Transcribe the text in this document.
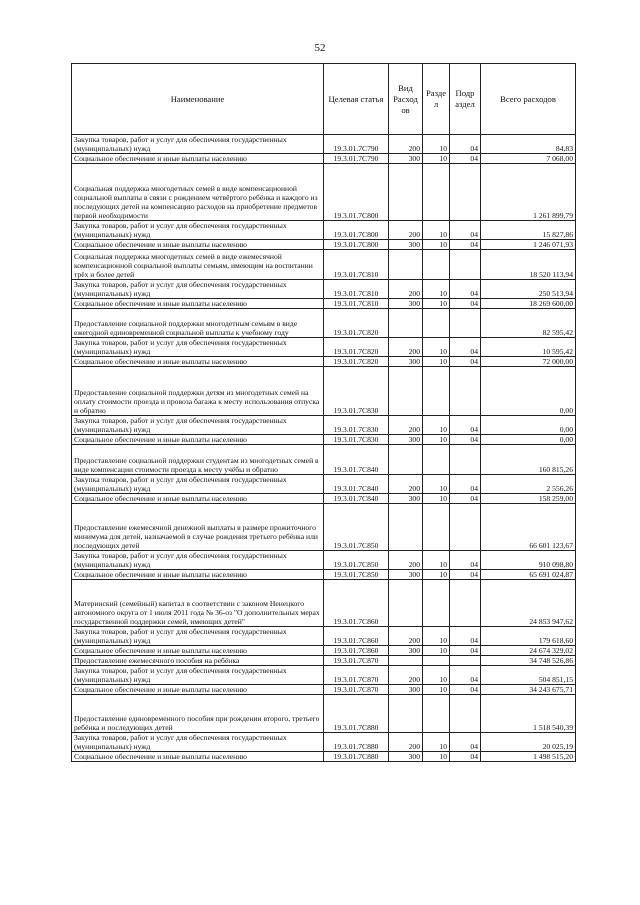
52
Наименование	Целевая статья	Вид Расход ов	Разде л	Подр аздел	Всего расходов
Закупка товаров, работ и услуг для обеспечения государственных (муниципальных) нужд	19.3.01.7С790	200	10	04	84,83
Социальное обеспечение и иные выплаты населению	19.3.01.7С790	300	10	04	7 068,00
Социальная поддержка многодетных семей в виде компенсационной социальной выплаты в связи с рождением четвёртого ребёнка и каждого из последующих детей на компенсацию расходов на приобретение предметов первой необходимости	19.3.01.7С800				1 261 899,79
Закупка товаров, работ и услуг для обеспечения государственных (муниципальных) нужд	19.3.01.7С800	200	10	04	15 827,86
Социальное обеспечение и иные выплаты населению	19.3.01.7С800	300	10	04	1 246 071,93
Социальная поддержка многодетных семей в виде ежемесячной компенсационной социальной выплаты семьям, имеющим на воспитании трёх и более детей	19.3.01.7С810				18 520 113,94
Закупка товаров, работ и услуг для обеспечения государственных (муниципальных) нужд	19.3.01.7С810	200	10	04	250 513,94
Социальное обеспечение и иные выплаты населению	19.3.01.7С810	300	10	04	18 269 600,00
Предоставление социальной поддержки многодетным семьям в виде ежегодной единовременной социальной выплаты к учебному году	19.3.01.7С820				82 595,42
Закупка товаров, работ и услуг для обеспечения государственных (муниципальных) нужд	19.3.01.7С820	200	10	04	10 595,42
Социальное обеспечение и иные выплаты населению	19.3.01.7С820	300	10	04	72 000,00
Предоставление социальной поддержки детям из многодетных семей на оплату стоимости проезда и провоза багажа к месту использования отпуска и обратно	19.3.01.7С830				0,00
Закупка товаров, работ и услуг для обеспечения государственных (муниципальных) нужд	19.3.01.7С830	200	10	04	0,00
Социальное обеспечение и иные выплаты населению	19.3.01.7С830	300	10	04	0,00
Предоставление социальной поддержки студентам из многодетных семей в виде компенсации стоимости проезда к месту учёбы и обратно	19.3.01.7С840				160 815,26
Закупка товаров, работ и услуг для обеспечения государственных (муниципальных) нужд	19.3.01.7С840	200	10	04	2 556,26
Социальное обеспечение и иные выплаты населению	19.3.01.7С840	300	10	04	158 259,00
Предоставление ежемесячной денежной выплаты в размере прожиточного минимума для детей, назначаемой в случае рождения третьего ребёнка или последующих детей	19.3.01.7С850				66 601 123,67
Закупка товаров, работ и услуг для обеспечения государственных (муниципальных) нужд	19.3.01.7С850	200	10	04	910 098,80
Социальное обеспечение и иные выплаты населению	19.3.01.7С850	300	10	04	65 691 024,87
Материнский (семейный) капитал в соответствии с законом Ненецкого автономного округа от 1 июля 2011 года № 36-оз "О дополнительных мерах государственной поддержки семей, имеющих детей"	19.3.01.7С860				24 853 947,62
Закупка товаров, работ и услуг для обеспечения государственных (муниципальных) нужд	19.3.01.7С860	200	10	04	179 618,60
Социальное обеспечение и иные выплаты населению	19.3.01.7С860	300	10	04	24 674 329,02
Предоставление ежемесячного пособия на ребёнка	19.3.01.7С870				34 748 526,86
Закупка товаров, работ и услуг для обеспечения государственных (муниципальных) нужд	19.3.01.7С870	200	10	04	504 851,15
Социальное обеспечение и иные выплаты населению	19.3.01.7С870	300	10	04	34 243 675,71
Предоставление единовременного пособия при рождении второго, третьего ребёнка и последующих детей	19.3.01.7С880				1 518 540,39
Закупка товаров, работ и услуг для обеспечения государственных (муниципальных) нужд	19.3.01.7С880	200	10	04	20 025,19
Социальное обеспечение и иные выплаты населению	19.3.01.7С880	300	10	04	1 498 515,20
